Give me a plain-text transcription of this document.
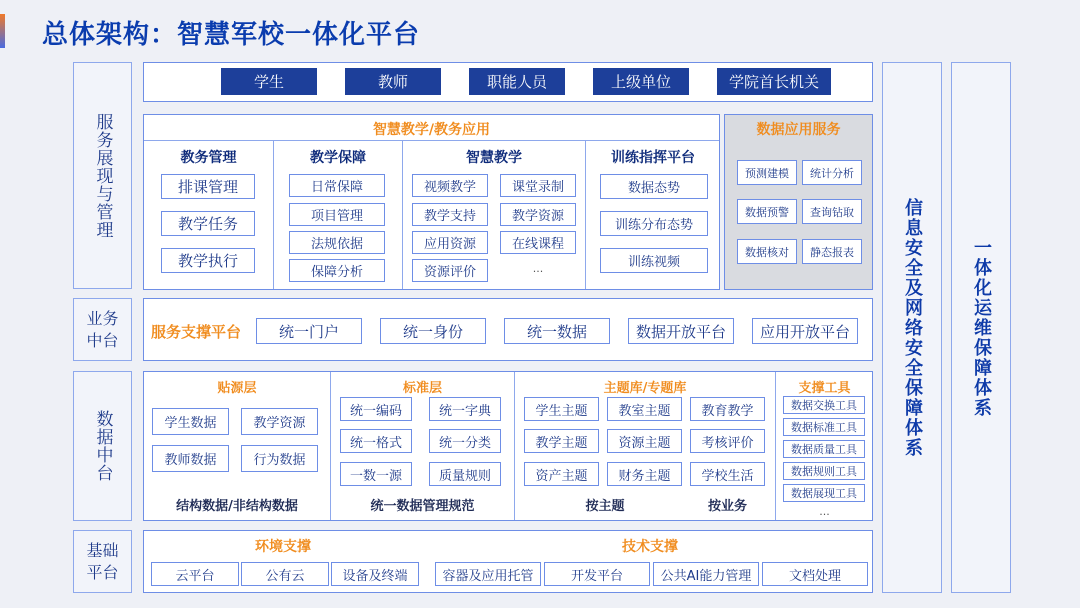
总体架构：智慧军校一体化平台
服务展现与管理
业务中台
数据中台
基础平台
学生	教师	职能人员	上级单位	学院首长机关
智慧教学/教务应用
教务管理
排课管理
教学任务
教学执行
教学保障
日常保障
项目管理
法规依据
保障分析
智慧教学
视频教学	课堂录制
教学支持	教学资源
应用资源	在线课程
资源评价	...
训练指挥平台
数据态势
训练分布态势
训练视频
数据应用服务
预测建模	统计分析
数据预警	查询钻取
数据核对	静态报表
服务支撑平台	统一门户	统一身份	统一数据	数据开放平台	应用开放平台
贴源层
学生数据	教学资源
教师数据	行为数据
结构数据/非结构数据
标准层
统一编码	统一字典
统一格式	统一分类
一数一源	质量规则
统一数据管理规范
主题库/专题库
学生主题	教室主题	教育教学
教学主题	资源主题	考核评价
资产主题	财务主题	学校生活
按主题	按业务
支撑工具
数据交换工具
数据标准工具
数据质量工具
数据规则工具
数据展现工具
...
环境支撑	技术支撑
云平台	公有云	设备及终端	容器及应用托管	开发平台	公共AI能力管理	文档处理
信息安全及网络安全保障体系	一体化运维保障体系
